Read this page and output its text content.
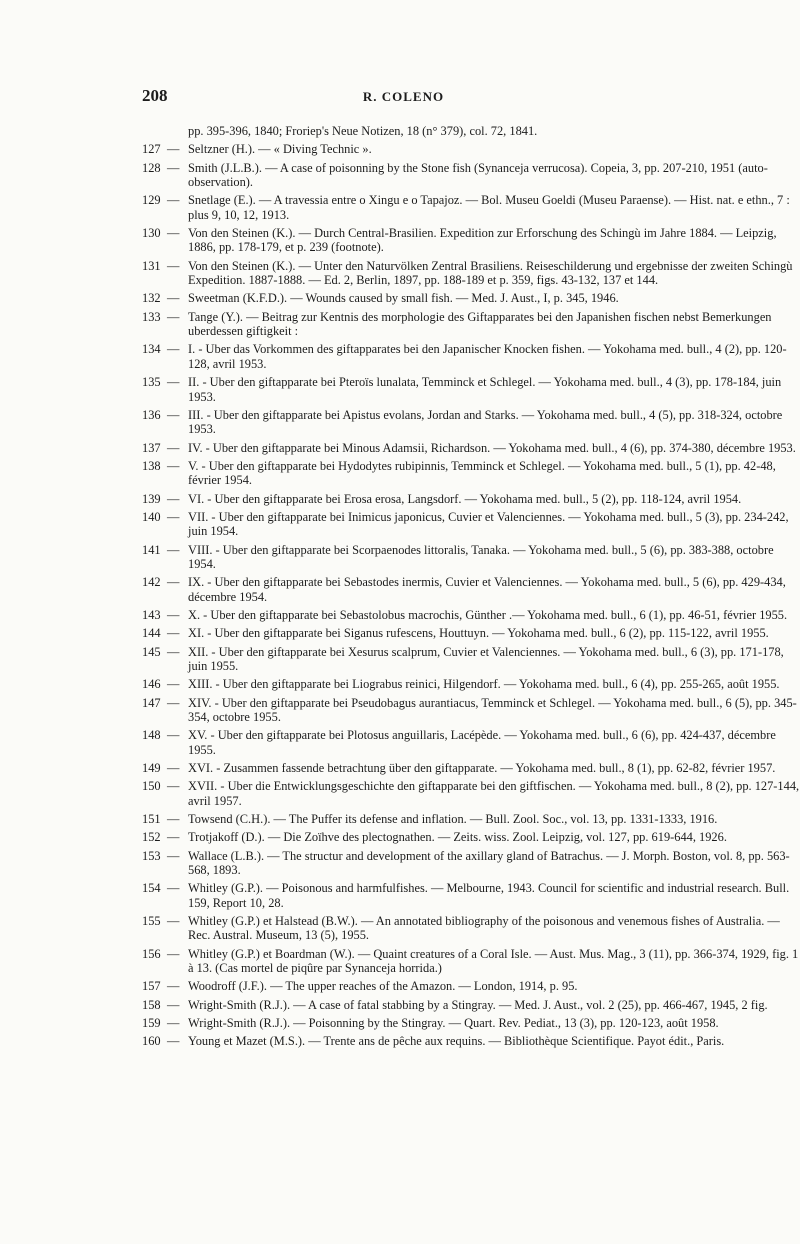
208	R. COLENO
pp. 395-396, 1840; Froriep's Neue Notizen, 18 (n° 379), col. 72, 1841.
127 — Seltzner (H.). — « Diving Technic ».
128 — Smith (J.L.B.). — A case of poisonning by the Stone fish (Synanceja verrucosa). Copeia, 3, pp. 207-210, 1951 (auto-observation).
129 — Snetlage (E.). — A travessia entre o Xingu e o Tapajoz. — Bol. Museu Goeldi (Museu Paraense). — Hist. nat. e ethn., 7 : plus 9, 10, 12, 1913.
130 — Von den Steinen (K.). — Durch Central-Brasilien. Expedition zur Erforschung des Schingù im Jahre 1884. — Leipzig, 1886, pp. 178-179, et p. 239 (footnote).
131 — Von den Steinen (K.). — Unter den Naturvölken Zentral Brasiliens. Reiseschilderung und ergebnisse der zweiten Schingù Expedition. 1887-1888. — Ed. 2, Berlin, 1897, pp. 188-189 et p. 359, figs. 43-132, 137 et 144.
132 — Sweetman (K.F.D.). — Wounds caused by small fish. — Med. J. Aust., I, p. 345, 1946.
133 — Tange (Y.). — Beitrag zur Kentnis des morphologie des Giftapparates bei den Japanishen fischen nebst Bemerkungen uberdessen giftigkeit :
134 — I. - Uber das Vorkommen des giftapparates bei den Japanischer Knocken fishen. — Yokohama med. bull., 4 (2), pp. 120-128, avril 1953.
135 — II. - Uber den giftapparate bei Pteroïs lunalata, Temminck et Schlegel. — Yokohama med. bull., 4 (3), pp. 178-184, juin 1953.
136 — III. - Uber den giftapparate bei Apistus evolans, Jordan and Starks. — Yokohama med. bull., 4 (5), pp. 318-324, octobre 1953.
137 — IV. - Uber den giftapparate bei Minous Adamsii, Richardson. — Yokohama med. bull., 4 (6), pp. 374-380, décembre 1953.
138 — V. - Uber den giftapparate bei Hydodytes rubipinnis, Temminck et Schlegel. — Yokohama med. bull., 5 (1), pp. 42-48, février 1954.
139 — VI. - Uber den giftapparate bei Erosa erosa, Langsdorf. — Yokohama med. bull., 5 (2), pp. 118-124, avril 1954.
140 — VII. - Uber den giftapparate bei Inimicus japonicus, Cuvier et Valenciennes. — Yokohama med. bull., 5 (3), pp. 234-242, juin 1954.
141 — VIII. - Uber den giftapparate bei Scorpaenodes littoralis, Tanaka. — Yokohama med. bull., 5 (6), pp. 383-388, octobre 1954.
142 — IX. - Uber den giftapparate bei Sebastodes inermis, Cuvier et Valenciennes. — Yokohama med. bull., 5 (6), pp. 429-434, décembre 1954.
143 — X. - Uber den giftapparate bei Sebastolobus macrochis, Günther .— Yokohama med. bull., 6 (1), pp. 46-51, février 1955.
144 — XI. - Uber den giftapparate bei Siganus rufescens, Houttuyn. — Yokohama med. bull., 6 (2), pp. 115-122, avril 1955.
145 — XII. - Uber den giftapparate bei Xesurus scalprum, Cuvier et Valenciennes. — Yokohama med. bull., 6 (3), pp. 171-178, juin 1955.
146 — XIII. - Uber den giftapparate bei Liograbus reinici, Hilgendorf. — Yokohama med. bull., 6 (4), pp. 255-265, août 1955.
147 — XIV. - Uber den giftapparate bei Pseudobagus aurantiacus, Temminck et Schlegel. — Yokohama med. bull., 6 (5), pp. 345-354, octobre 1955.
148 — XV. - Uber den giftapparate bei Plotosus anguillaris, Lacépède. — Yokohama med. bull., 6 (6), pp. 424-437, décembre 1955.
149 — XVI. - Zusammen fassende betrachtung über den giftapparate. — Yokohama med. bull., 8 (1), pp. 62-82, février 1957.
150 — XVII. - Uber die Entwicklungsgeschichte den giftapparate bei den giftfischen. — Yokohama med. bull., 8 (2), pp. 127-144, avril 1957.
151 — Towsend (C.H.). — The Puffer its defense and inflation. — Bull. Zool. Soc., vol. 13, pp. 1331-1333, 1916.
152 — Trotjakoff (D.). — Die Zoïhve des plectognathen. — Zeits. wiss. Zool. Leipzig, vol. 127, pp. 619-644, 1926.
153 — Wallace (L.B.). — The structur and development of the axillary gland of Batrachus. — J. Morph. Boston, vol. 8, pp. 563-568, 1893.
154 — Whitley (G.P.). — Poisonous and harmfulfishes. — Melbourne, 1943. Council for scientific and industrial research. Bull. 159, Report 10, 28.
155 — Whitley (G.P.) et Halstead (B.W.). — An annotated bibliography of the poisonous and venemous fishes of Australia. — Rec. Austral. Museum, 13 (5), 1955.
156 — Whitley (G.P.) et Boardman (W.). — Quaint creatures of a Coral Isle. — Aust. Mus. Mag., 3 (11), pp. 366-374, 1929, fig. 1 à 13. (Cas mortel de piqûre par Synanceja horrida.)
157 — Woodroff (J.F.). — The upper reaches of the Amazon. — London, 1914, p. 95.
158 — Wright-Smith (R.J.). — A case of fatal stabbing by a Stingray. — Med. J. Aust., vol. 2 (25), pp. 466-467, 1945, 2 fig.
159 — Wright-Smith (R.J.). — Poisonning by the Stingray. — Quart. Rev. Pediat., 13 (3), pp. 120-123, août 1958.
160 — Young et Mazet (M.S.). — Trente ans de pêche aux requins. — Bibliothèque Scientifique. Payot édit., Paris.
